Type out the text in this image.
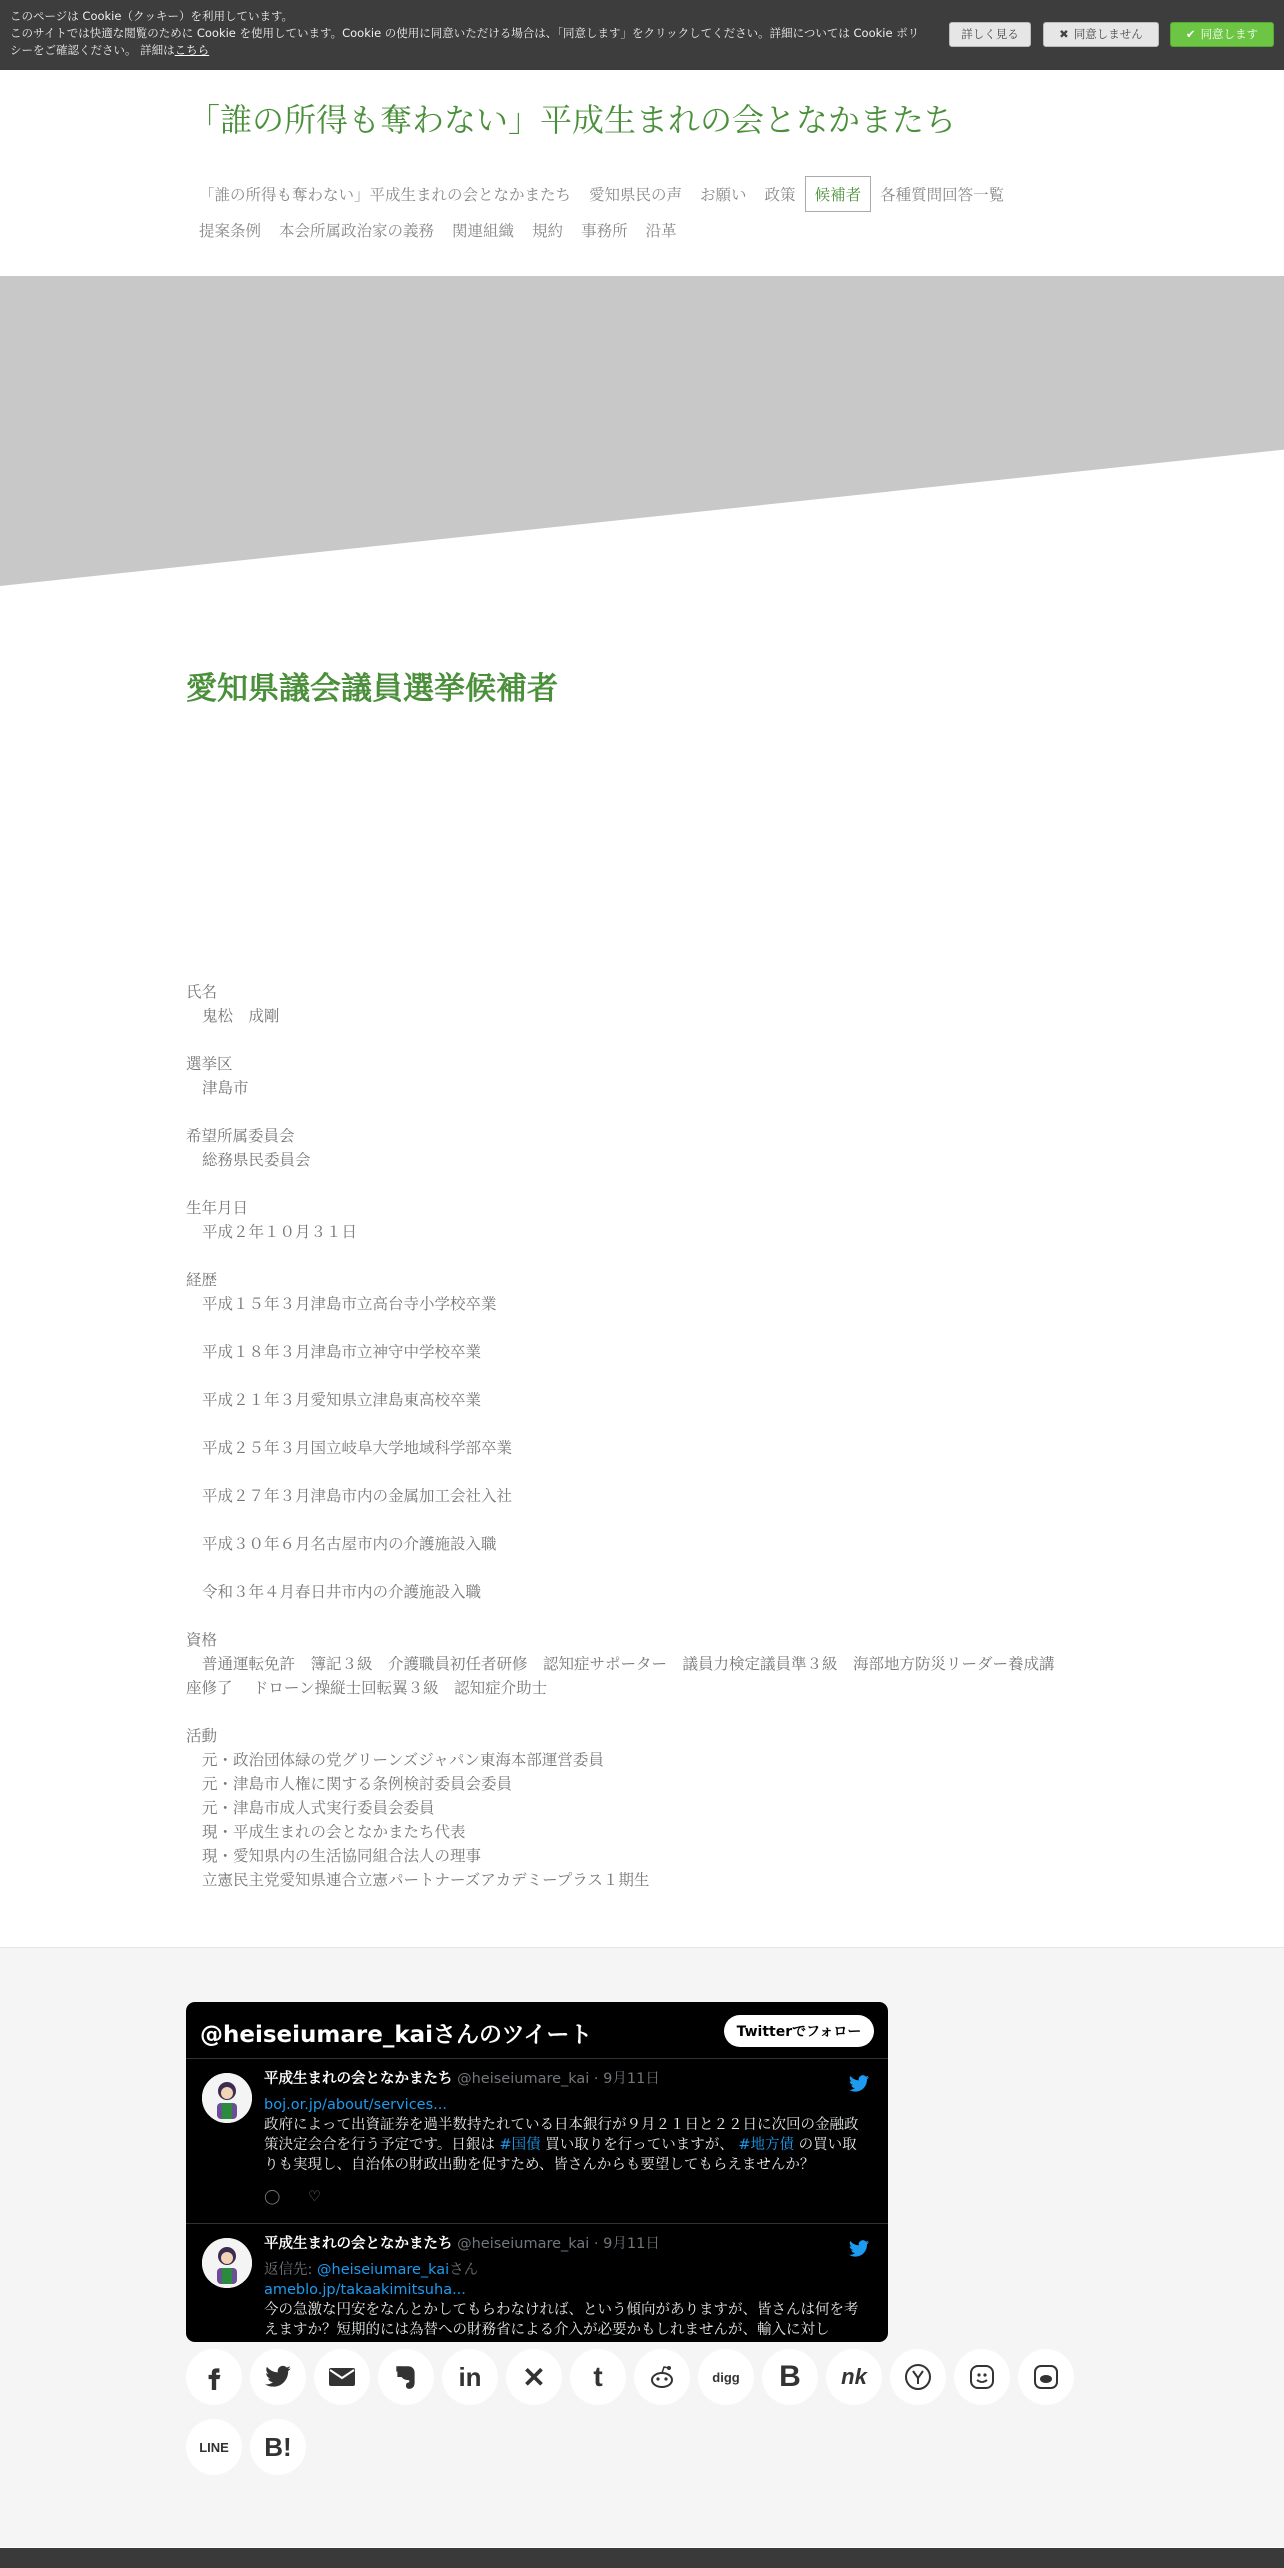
このページは Cookie（クッキー）を利用しています。
このサイトでは快適な閲覧のために Cookie を使用しています。Cookie の使用に同意いただける場合は、「同意します」をクリックしてください。詳細については Cookie ポリシーをご確認ください。 詳細はこちら
詳しく見る	✖ 同意しません	✔ 同意します
「誰の所得も奪わない」平成生まれの会となかまたち
「誰の所得も奪わない」平成生まれの会となかまたち	愛知県民の声	お願い	政策	候補者	各種質問回答一覧
提案条例	本会所属政治家の義務	関連組織	規約	事務所	沿革
愛知県議会議員選挙候補者
氏名
鬼松　成剛
選挙区
津島市
希望所属委員会
総務県民委員会
生年月日
平成２年１０月３１日
経歴
平成１５年３月津島市立高台寺小学校卒業
平成１８年３月津島市立神守中学校卒業
平成２１年３月愛知県立津島東高校卒業
平成２５年３月国立岐阜大学地域科学部卒業
平成２７年３月津島市内の金属加工会社入社
平成３０年６月名古屋市内の介護施設入職
令和３年４月春日井市内の介護施設入職
資格
普通運転免許　簿記３級　介護職員初任者研修　認知症サポーター　議員力検定議員準３級　海部地方防災リーダー養成講
座修了　 ドローン操縦士回転翼３級　認知症介助士
活動
元・政治団体緑の党グリーンズジャパン東海本部運営委員
元・津島市人権に関する条例検討委員会委員
元・津島市成人式実行委員会委員
現・平成生まれの会となかまたち代表
現・愛知県内の生活協同組合法人の理事
立憲民主党愛知県連合立憲パートナーズアカデミープラス１期生
@heiseiumare_kaiさんのツイート	Twitterでフォロー
平成生まれの会となかまたち @heiseiumare_kai · 9月11日
boj.or.jp/about/services...
政府によって出資証券を過半数持たれている日本銀行が９月２１日と２２日に次回の金融政策決定会合を行う予定です。日銀は #国債 買い取りを行っていますが、 #地方債 の買い取りも実現し、自治体の財政出動を促すため、皆さんからも要望してもらえませんか？
◯ ♡
平成生まれの会となかまたち @heiseiumare_kai · 9月11日
返信先: @heiseiumare_kaiさん
ameblo.jp/takaakimitsuha...
今の急激な円安をなんとかしてもらわなければ、という傾向がありますが、皆さんは何を考えますか？短期的には為替への財務省による介入が必要かもしれませんが、輸入に対し
in ✕ t	digg B nk
LINE B!
